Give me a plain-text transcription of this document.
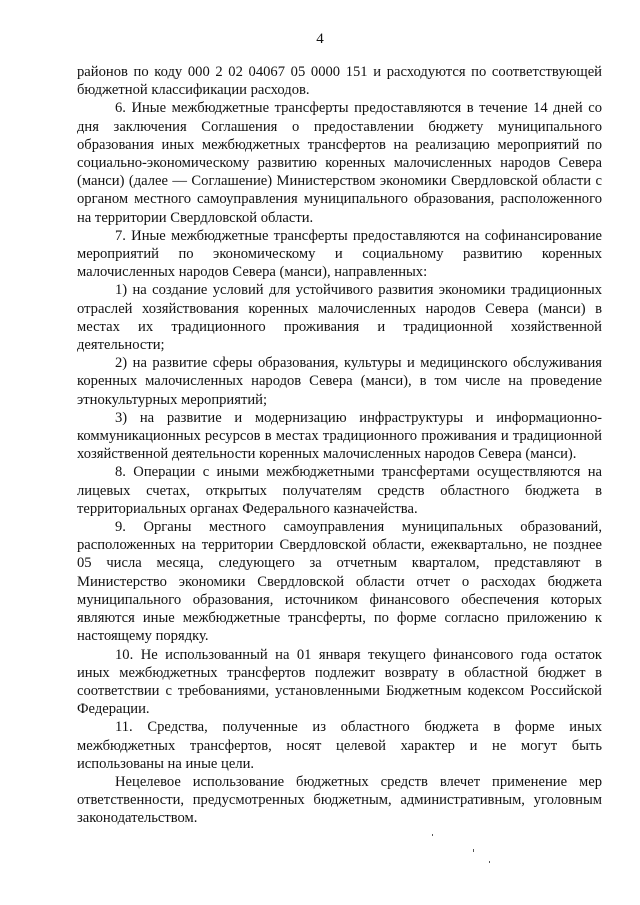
4

районов по коду 000 2 02 04067 05 0000 151 и расходуются по соответствующей бюджетной классификации расходов.

6. Иные межбюджетные трансферты предоставляются в течение 14 дней со дня заключения Соглашения о предоставлении бюджету муниципального образования иных межбюджетных трансфертов на реализацию мероприятий по социально-экономическому развитию коренных малочисленных народов Севера (манси) (далее — Соглашение) Министерством экономики Свердловской области с органом местного самоуправления муниципального образования, расположенного на территории Свердловской области.

7. Иные межбюджетные трансферты предоставляются на софинансирование мероприятий по экономическому и социальному развитию коренных малочисленных народов Севера (манси), направленных:

1) на создание условий для устойчивого развития экономики традиционных отраслей хозяйствования коренных малочисленных народов Севера (манси) в местах их традиционного проживания и традиционной хозяйственной деятельности;

2) на развитие сферы образования, культуры и медицинского обслуживания коренных малочисленных народов Севера (манси), в том числе на проведение этнокультурных мероприятий;

3) на развитие и модернизацию инфраструктуры и информационно-коммуникационных ресурсов в местах традиционного проживания и традиционной хозяйственной деятельности коренных малочисленных народов Севера (манси).

8. Операции с иными межбюджетными трансфертами осуществляются на лицевых счетах, открытых получателям средств областного бюджета в территориальных органах Федерального казначейства.

9. Органы местного самоуправления муниципальных образований, расположенных на территории Свердловской области, ежеквартально, не позднее 05 числа месяца, следующего за отчетным кварталом, представляют в Министерство экономики Свердловской области отчет о расходах бюджета муниципального образования, источником финансового обеспечения которых являются иные межбюджетные трансферты, по форме согласно приложению к настоящему порядку.

10. Не использованный на 01 января текущего финансового года остаток иных межбюджетных трансфертов подлежит возврату в областной бюджет в соответствии с требованиями, установленными Бюджетным кодексом Российской Федерации.

11. Средства, полученные из областного бюджета в форме иных межбюджетных трансфертов, носят целевой характер и не могут быть использованы на иные цели.

Нецелевое использование бюджетных средств влечет применение мер ответственности, предусмотренных бюджетным, административным, уголовным законодательством.
